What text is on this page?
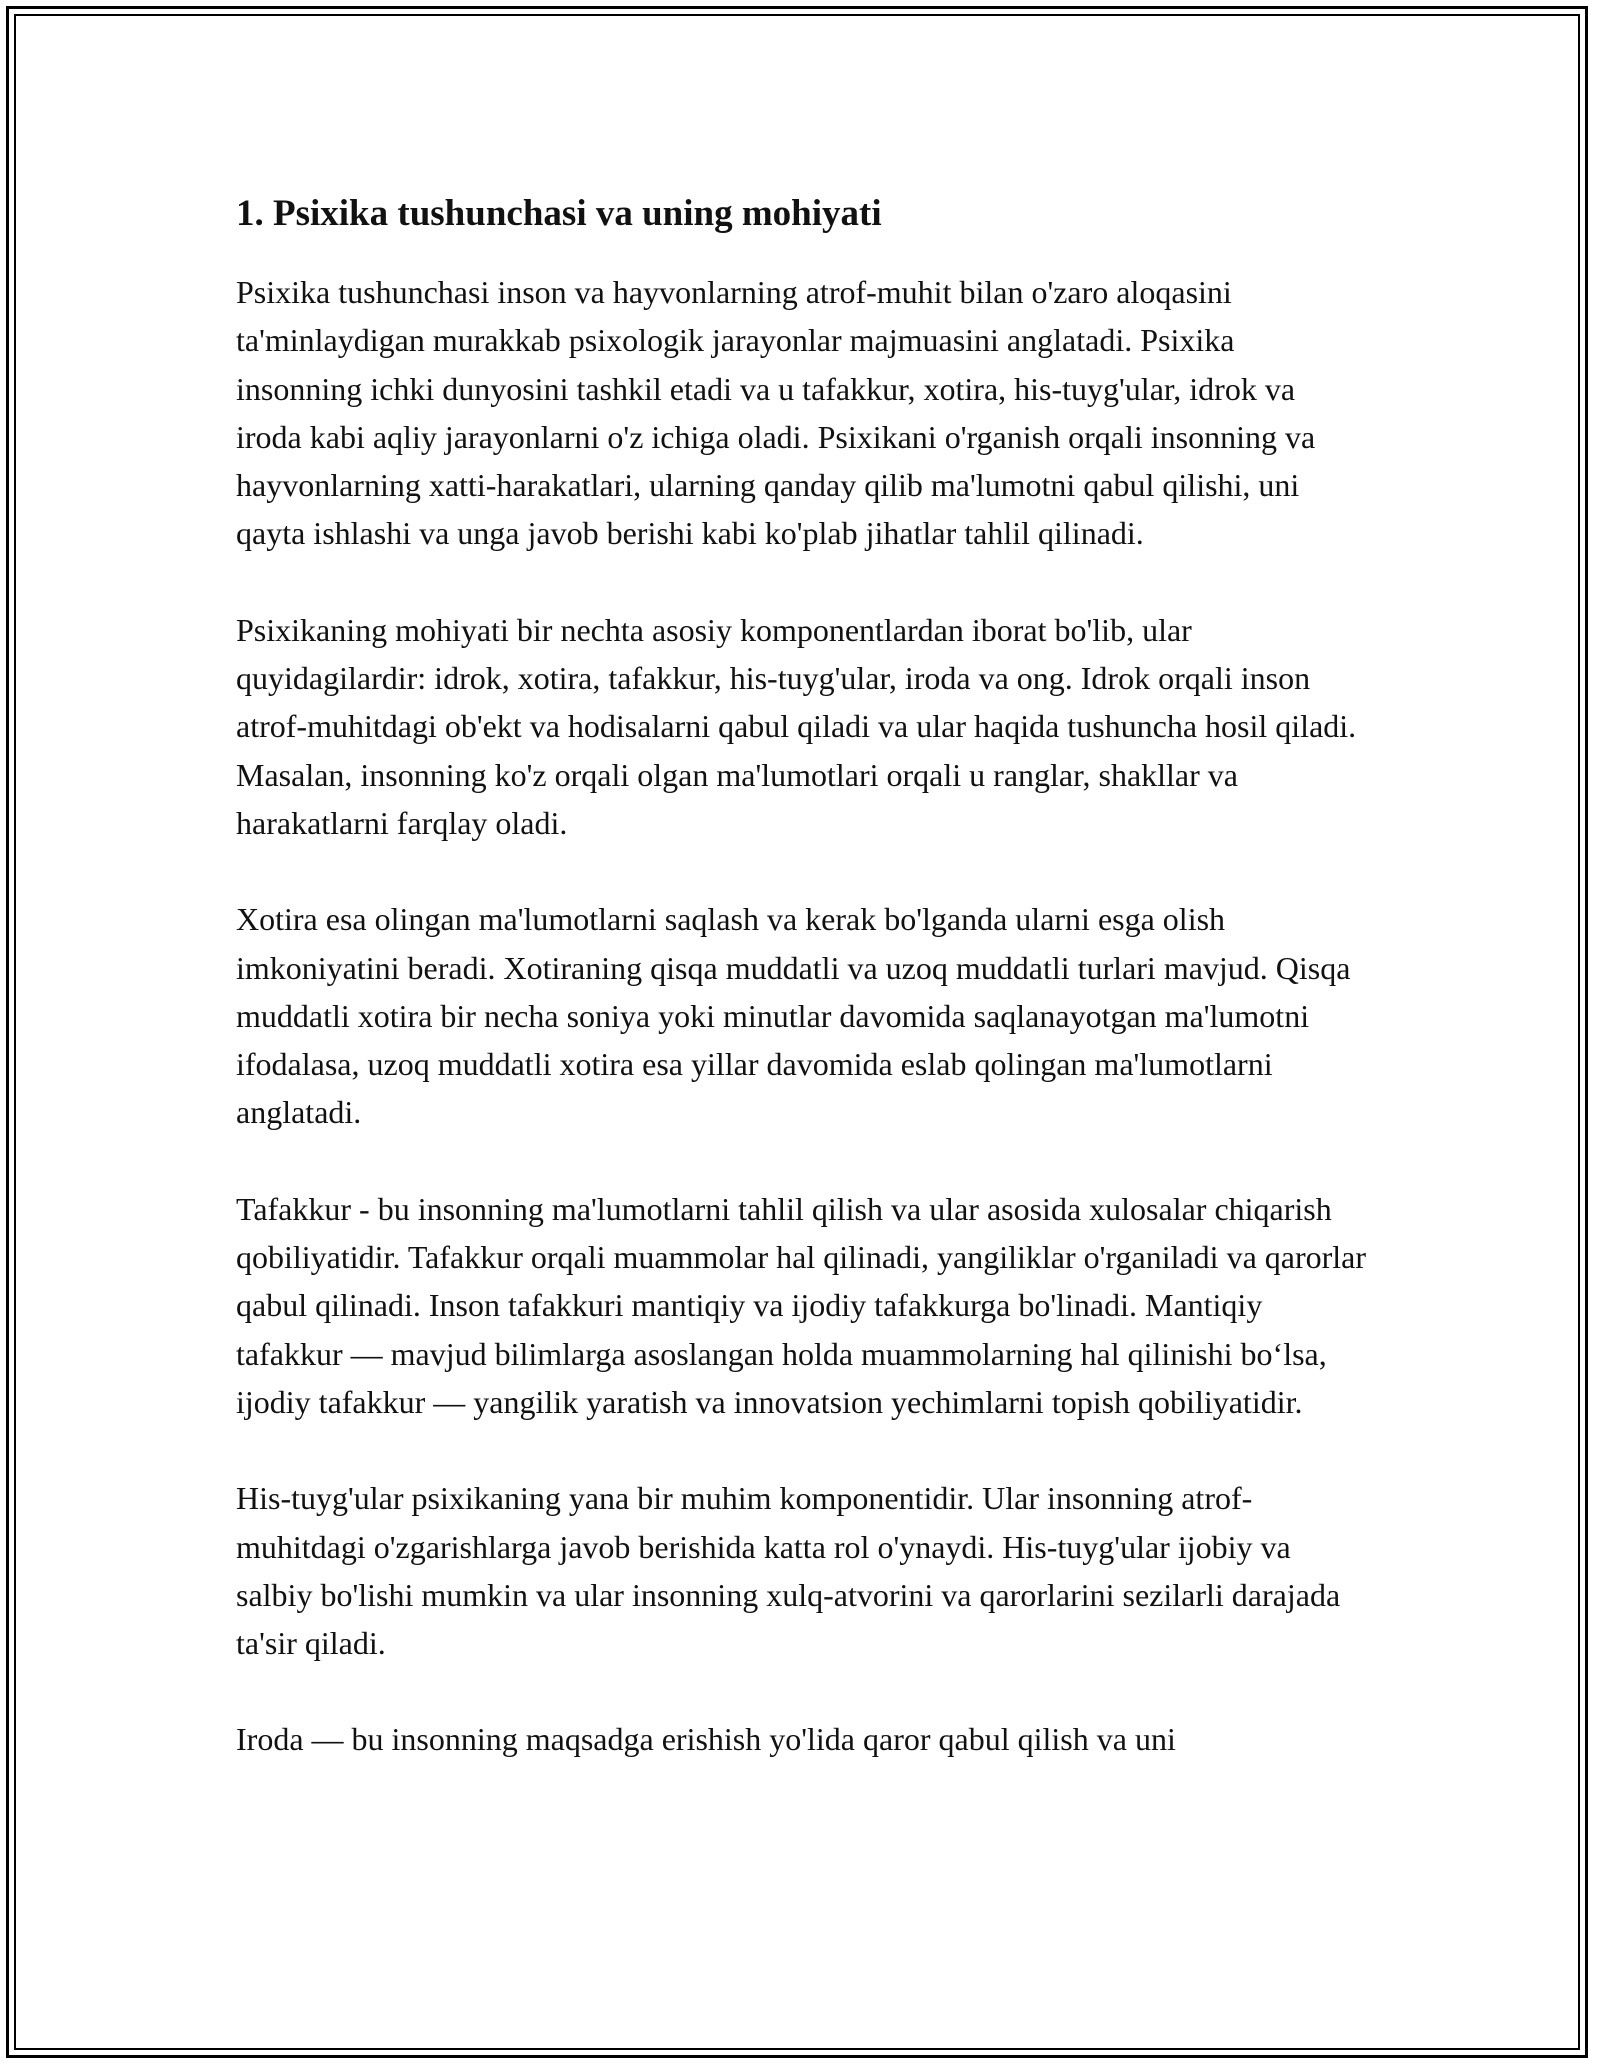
1. Psixika tushunchasi va uning mohiyati

Psixika tushunchasi inson va hayvonlarning atrof-muhit bilan o'zaro aloqasini ta'minlaydigan murakkab psixologik jarayonlar majmuasini anglatadi. Psixika insonning ichki dunyosini tashkil etadi va u tafakkur, xotira, his-tuyg'ular, idrok va iroda kabi aqliy jarayonlarni o'z ichiga oladi. Psixikani o'rganish orqali insonning va hayvonlarning xatti-harakatlari, ularning qanday qilib ma'lumotni qabul qilishi, uni qayta ishlashi va unga javob berishi kabi ko'plab jihatlar tahlil qilinadi.

Psixikaning mohiyati bir nechta asosiy komponentlardan iborat bo'lib, ular quyidagilardir: idrok, xotira, tafakkur, his-tuyg'ular, iroda va ong. Idrok orqali inson atrof-muhitdagi ob'ekt va hodisalarni qabul qiladi va ular haqida tushuncha hosil qiladi. Masalan, insonning ko'z orqali olgan ma'lumotlari orqali u ranglar, shakllar va harakatlarni farqlay oladi.

Xotira esa olingan ma'lumotlarni saqlash va kerak bo'lganda ularni esga olish imkoniyatini beradi. Xotiraning qisqa muddatli va uzoq muddatli turlari mavjud. Qisqa muddatli xotira bir necha soniya yoki minutlar davomida saqlanayotgan ma'lumotni ifodalasa, uzoq muddatli xotira esa yillar davomida eslab qolingan ma'lumotlarni anglatadi.

Tafakkur - bu insonning ma'lumotlarni tahlil qilish va ular asosida xulosalar chiqarish qobiliyatidir. Tafakkur orqali muammolar hal qilinadi, yangiliklar o'rganiladi va qarorlar qabul qilinadi. Inson tafakkuri mantiqiy va ijodiy tafakkurga bo'linadi. Mantiqiy tafakkur — mavjud bilimlarga asoslangan holda muammolarning hal qilinishi bo‘lsa, ijodiy tafakkur — yangilik yaratish va innovatsion yechimlarni topish qobiliyatidir.

His-tuyg'ular psixikaning yana bir muhim komponentidir. Ular insonning atrof-muhitdagi o'zgarishlarga javob berishida katta rol o'ynaydi. His-tuyg'ular ijobiy va salbiy bo'lishi mumkin va ular insonning xulq-atvorini va qarorlarini sezilarli darajada ta'sir qiladi.

Iroda — bu insonning maqsadga erishish yo'lida qaror qabul qilish va uni
